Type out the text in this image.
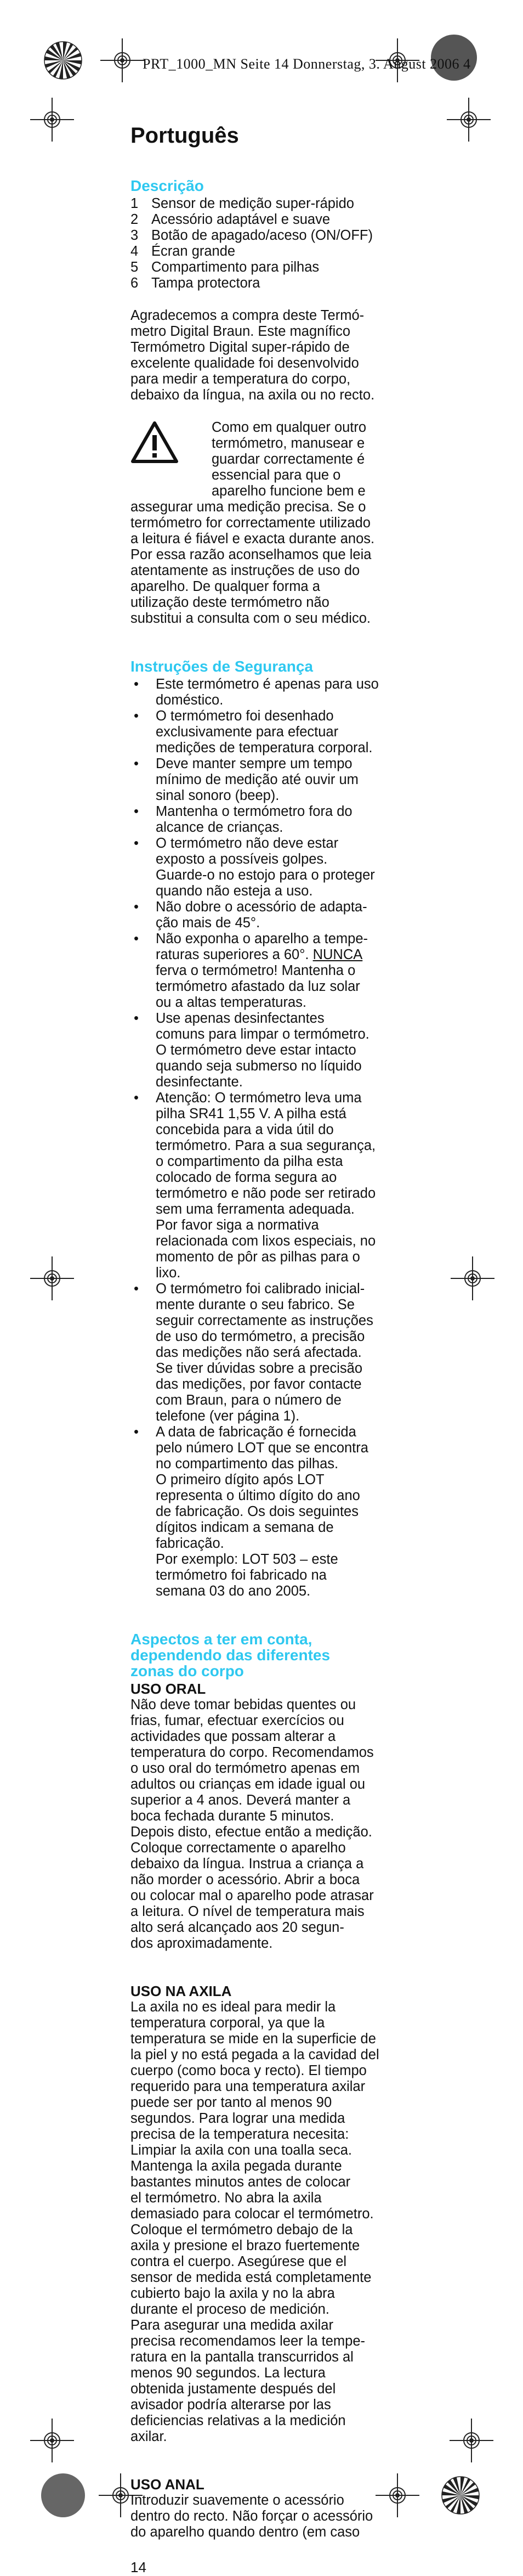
PRT_1000_MN Seite 14 Donnerstag, 3. August 2006 4
Português
Descrição
1 Sensor de medição super-rápido
2 Acessório adaptável e suave
3 Botão de apagado/aceso (ON/OFF)
4 Écran grande
5 Compartimento para pilhas
6 Tampa protectora
Agradecemos a compra deste Termó-
metro Digital Braun. Este magnífico
Termómetro Digital super-rápido de
excelente qualidade foi desenvolvido
para medir a temperatura do corpo,
debaixo da língua, na axila ou no recto.
Como em qualquer outro
termómetro, manusear e
guardar correctamente é
essencial para que o
aparelho funcione bem e
assegurar uma medição precisa. Se o
termómetro for correctamente utilizado
a leitura é fiável e exacta durante anos.
Por essa razão aconselhamos que leia
atentamente as instruções de uso do
aparelho. De qualquer forma a
utilização deste termómetro não
substitui a consulta com o seu médico.
Instruções de Segurança
•	Este termómetro é apenas para uso
doméstico.
•	O termómetro foi desenhado
exclusivamente para efectuar
medições de temperatura corporal.
•	Deve manter sempre um tempo
mínimo de medição até ouvir um
sinal sonoro (beep).
•	Mantenha o termómetro fora do
alcance de crianças.
•	O termómetro não deve estar
exposto a possíveis golpes.
Guarde-o no estojo para o proteger
quando não esteja a uso.
•	Não dobre o acessório de adapta-
ção mais de 45°.
•	Não exponha o aparelho a tempe-
raturas superiores a 60°. NUNCA
ferva o termómetro! Mantenha o
termómetro afastado da luz solar
ou a altas temperaturas.
•	Use apenas desinfectantes
comuns para limpar o termómetro.
O termómetro deve estar intacto
quando seja submerso no líquido
desinfectante.
•	Atenção: O termómetro leva uma
pilha SR41 1,55 V. A pilha está
concebida para a vida útil do
termómetro. Para a sua segurança,
o compartimento da pilha esta
colocado de forma segura ao
termómetro e não pode ser retirado
sem uma ferramenta adequada.
Por favor siga a normativa
relacionada com lixos especiais, no
momento de pôr as pilhas para o
lixo.
•	O termómetro foi calibrado inicial-
mente durante o seu fabrico. Se
seguir correctamente as instruções
de uso do termómetro, a precisão
das medições não será afectada.
Se tiver dúvidas sobre a precisão
das medições, por favor contacte
com Braun, para o número de
telefone (ver página 1).
•	A data de fabricação é fornecida
pelo número LOT que se encontra
no compartimento das pilhas.
O primeiro dígito após LOT
representa o último dígito do ano
de fabricação. Os dois seguintes
dígitos indicam a semana de
fabricação.
Por exemplo: LOT 503 – este
termómetro foi fabricado na
semana 03 do ano 2005.
Aspectos a ter em conta,
dependendo das diferentes
zonas do corpo
USO ORAL
Não deve tomar bebidas quentes ou
frias, fumar, efectuar exercícios ou
actividades que possam alterar a
temperatura do corpo. Recomendamos
o uso oral do termómetro apenas em
adultos ou crianças em idade igual ou
superior a 4 anos. Deverá manter a
boca fechada durante 5 minutos.
Depois disto, efectue então a medição.
Coloque correctamente o aparelho
debaixo da língua. Instrua a criança a
não morder o acessório. Abrir a boca
ou colocar mal o aparelho pode atrasar
a leitura. O nível de temperatura mais
alto será alcançado aos 20 segun-
dos aproximadamente.
USO NA AXILA
La axila no es ideal para medir la
temperatura corporal, ya que la
temperatura se mide en la superficie de
la piel y no está pegada a la cavidad del
cuerpo (como boca y recto). El tiempo
requerido para una temperatura axilar
puede ser por tanto al menos 90
segundos. Para lograr una medida
precisa de la temperatura necesita:
Limpiar la axila con una toalla seca.
Mantenga la axila pegada durante
bastantes minutos antes de colocar
el termómetro. No abra la axila
demasiado para colocar el termómetro.
Coloque el termómetro debajo de la
axila y presione el brazo fuertemente
contra el cuerpo. Asegúrese que el
sensor de medida está completamente
cubierto bajo la axila y no la abra
durante el proceso de medición.
Para asegurar una medida axilar
precisa recomendamos leer la tempe-
ratura en la pantalla transcurridos al
menos 90 segundos. La lectura
obtenida justamente después del
avisador podría alterarse por las
deficiencias relativas a la medición
axilar.
USO ANAL
Introduzir suavemente o acessório
dentro do recto. Não forçar o acessório
do aparelho quando dentro (em caso
14
